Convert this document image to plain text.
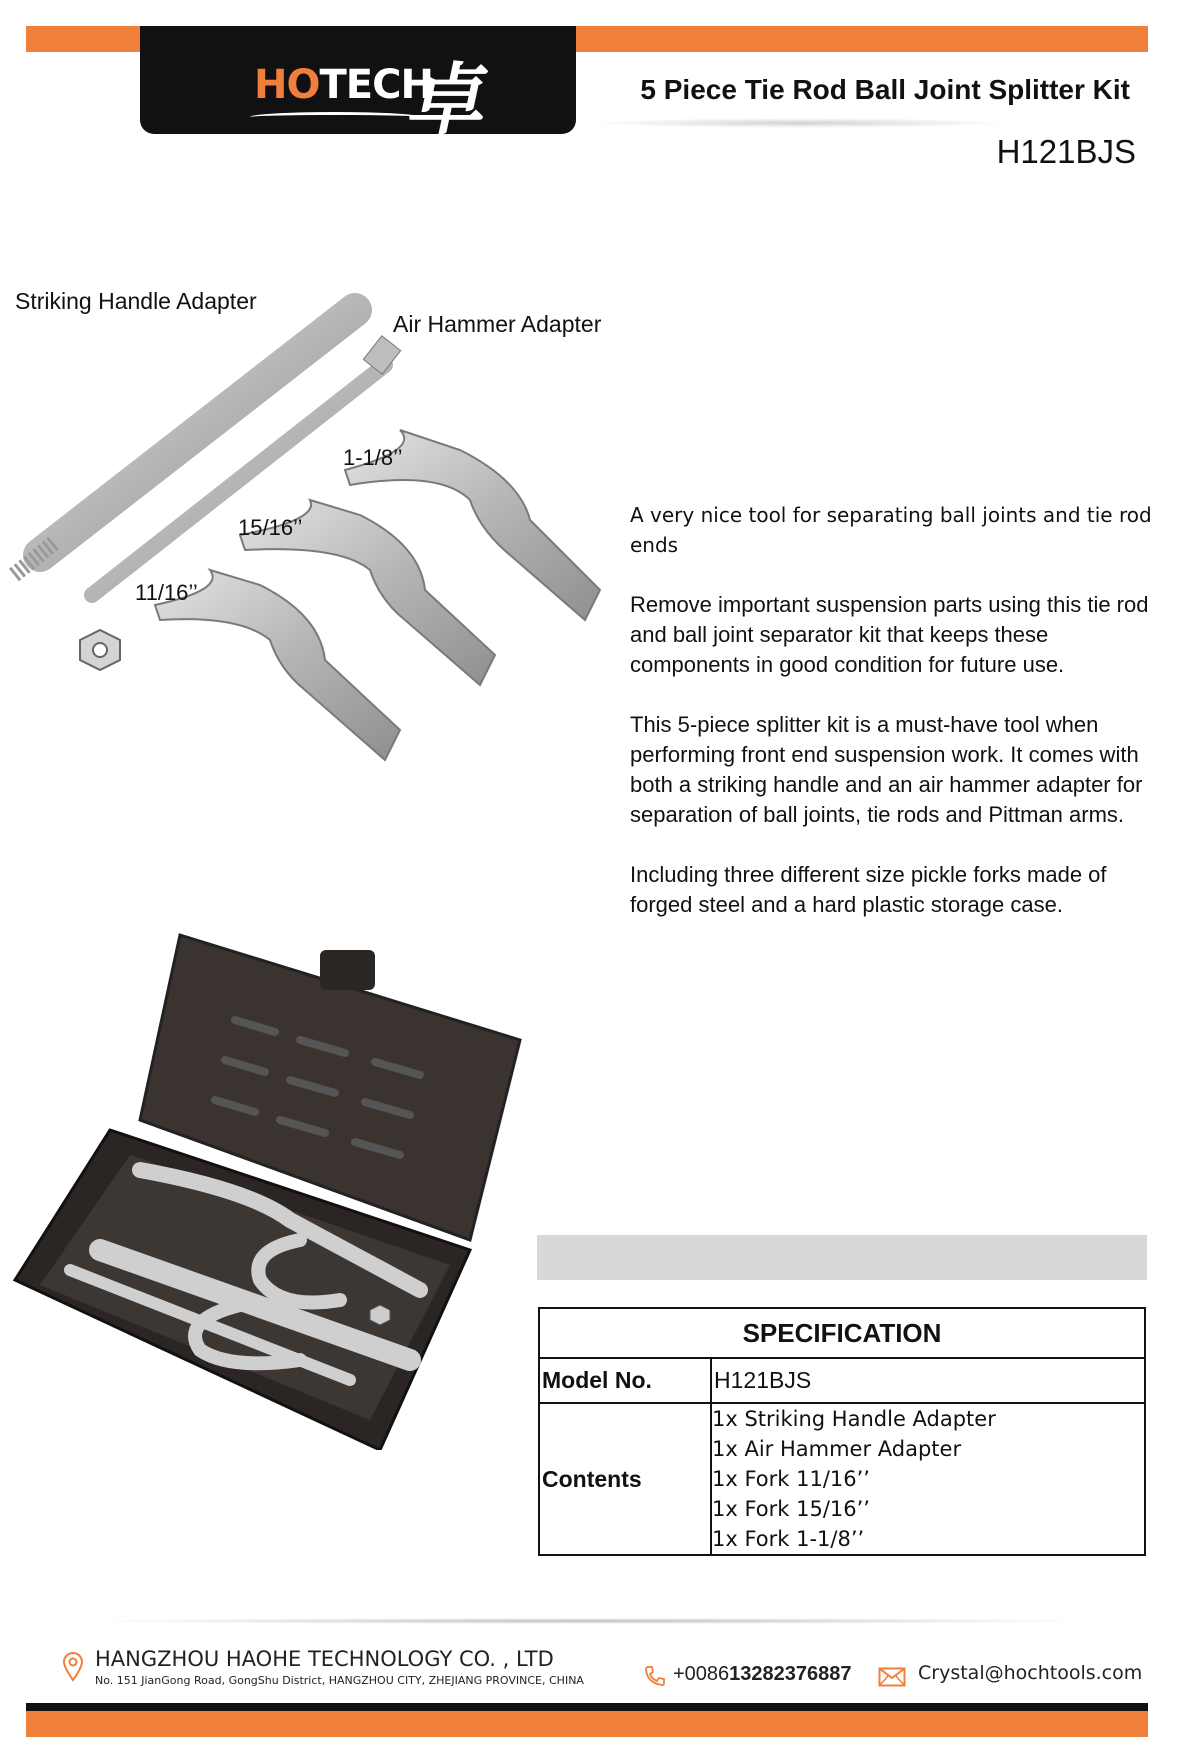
HOTECH
卓	5 Piece Tie Rod Ball Joint Splitter Kit
H121BJS
Striking Handle Adapter
Air Hammer Adapter
1-1/8’’
15/16’’
11/16’’

A very nice tool for separating ball joints and tie rod ends

Remove important suspension parts using this tie rod and ball joint separator kit that keeps these components in good condition for future use.

This 5-piece splitter kit is a must-have tool when performing front end suspension work. It comes with both a striking handle and an air hammer adapter for separation of ball joints, tie rods and Pittman arms.

Including three different size pickle forks made of forged steel and a hard plastic storage case.

SPECIFICATION	
Model No.	H121BJS
Contents	1x Striking Handle Adapter
1x Air Hammer Adapter
1x Fork 11/16’’
1x Fork 15/16’’
1x Fork 1-1/8’’
HANGZHOU HAOHE TECHNOLOGY CO. , LTD
No. 151 JianGong Road, GongShu District, HANGZHOU CITY, ZHEJIANG PROVINCE, CHINA	+008613282376887	Crystal@hochtools.com
